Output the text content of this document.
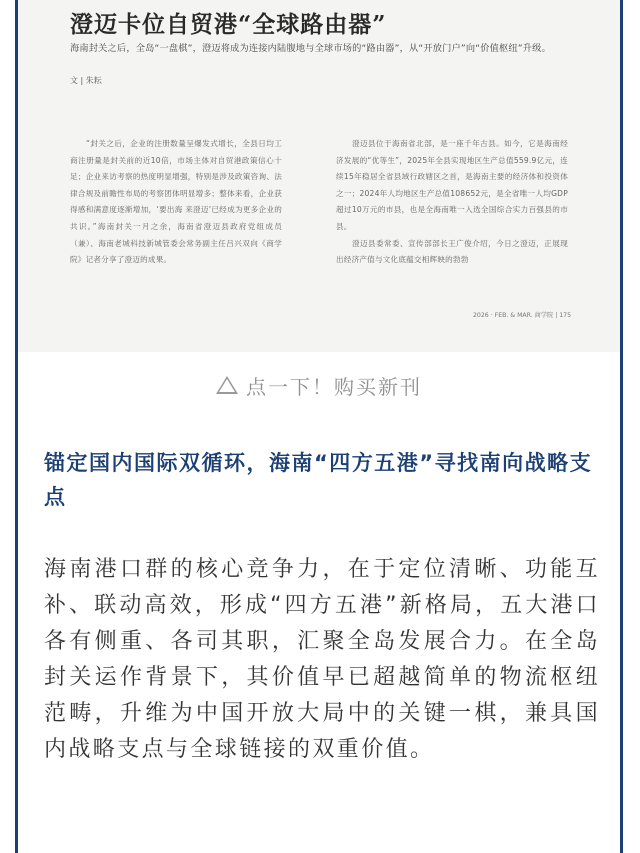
澄迈卡位自贸港“全球路由器”

海南封关之后，全岛“一盘棋”，澄迈将成为连接内陆腹地与全球市场的“路由器”，从“开放门户”向“价值枢纽”升级。

文 | 朱耘

“封关之后，企业的注册数量呈爆发式增长，全县日均工商注册量是封关前的近10倍，市场主体对自贸港政策信心十足；企业来访考察的热度明显增强，特别是涉及政策咨询、法律合规及前瞻性布局的考察团体明显增多；整体来看，企业获得感和满意度逐渐增加，‘要出海 来澄迈’已经成为更多企业的共识。”海南封关一月之余，海南省澄迈县政府党组成员（兼）、海南老城科技新城管委会常务副主任吕兴双向《商学院》记者分享了澄迈的成果。

澄迈县位于海南省北部，是一座千年古县。如今，它是海南经济发展的“优等生”，2025年全县实现地区生产总值559.9亿元，连续15年稳居全省县域行政辖区之首，是海南主要的经济体和投资体之一；2024年人均地区生产总值108652元，是全省唯一人均GDP超过10万元的市县，也是全海南唯一入选全国综合实力百强县的市县。

澄迈县委常委、宣传部部长王广俊介绍，今日之澄迈，正展现出经济产值与文化底蕴交相辉映的勃勃

2026 · FEB. & MAR. 商学院 | 175

点一下！购买新刊
锚定国内国际双循环，海南“四方五港”寻找南向战略支点

海南港口群的核心竞争力，在于定位清晰、功能互补、联动高效，形成“四方五港”新格局，五大港口各有侧重、各司其职，汇聚全岛发展合力。在全岛封关运作背景下，其价值早已超越简单的物流枢纽范畴，升维为中国开放大局中的关键一棋，兼具国内战略支点与全球链接的双重价值。
